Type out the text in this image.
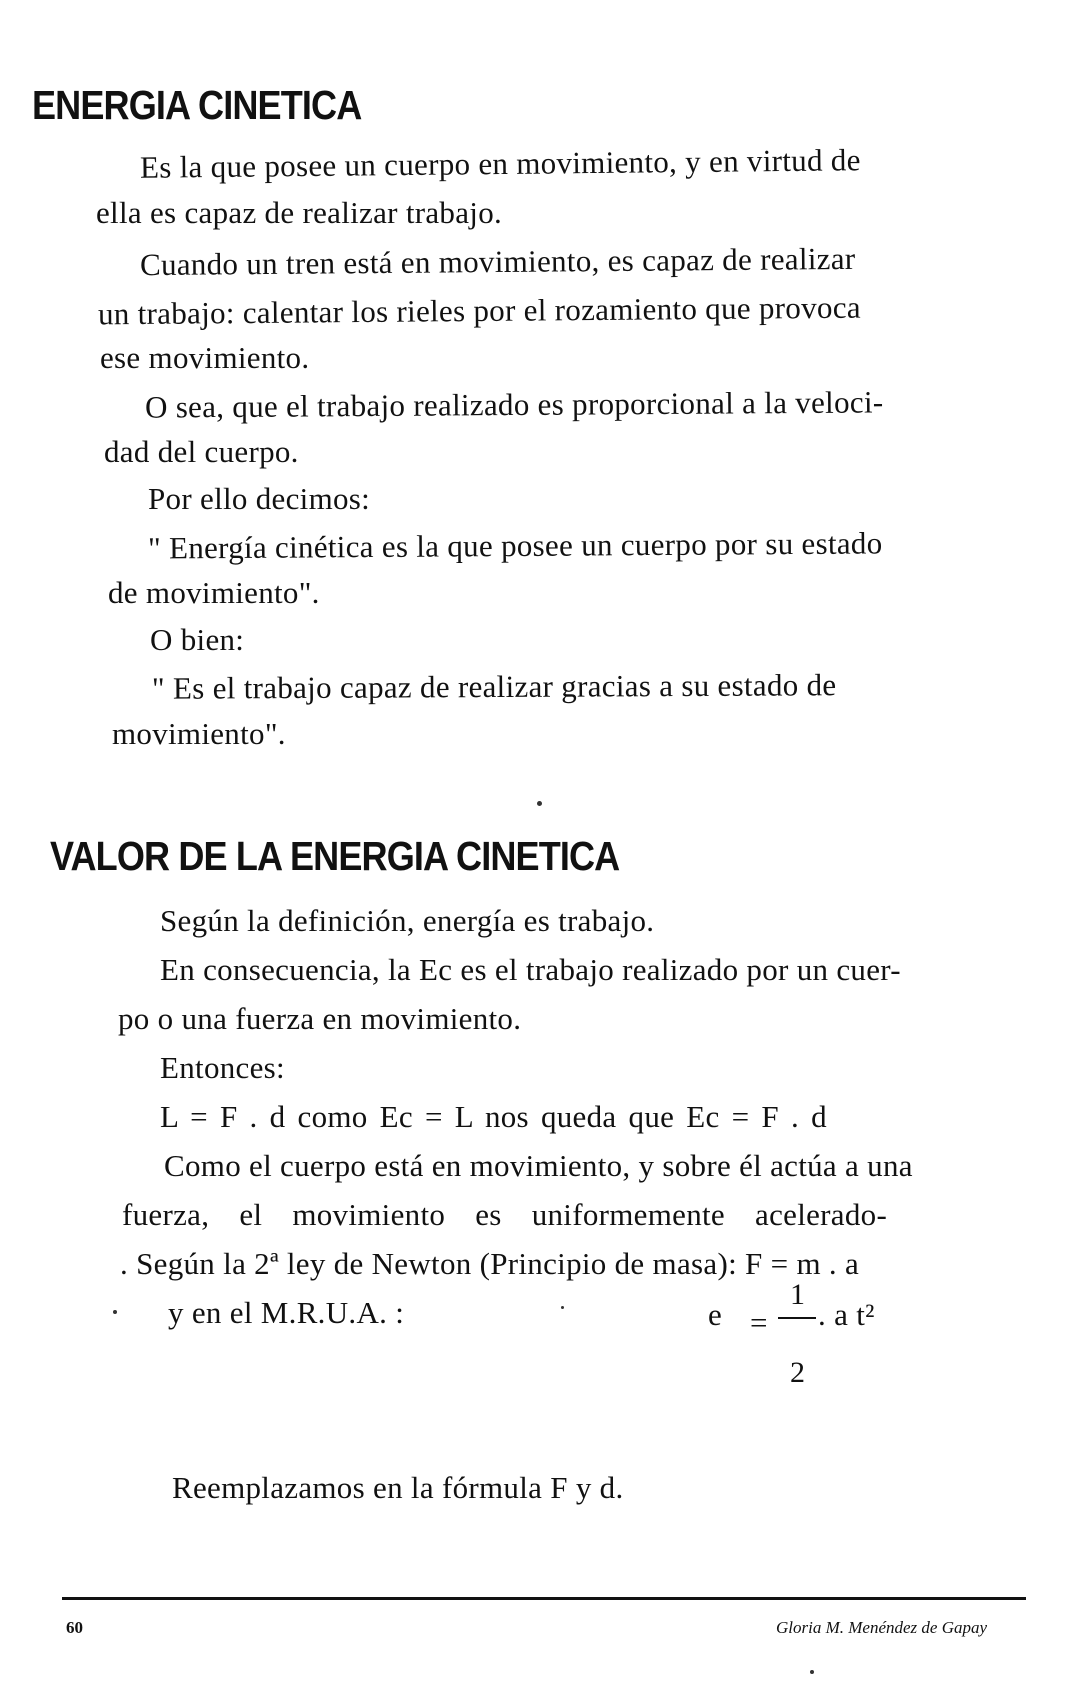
ENERGIA CINETICA
Es la que posee un cuerpo en movimiento, y en virtud de
ella es capaz de realizar trabajo.
Cuando un tren está en movimiento, es capaz de realizar
un trabajo: calentar los rieles por el rozamiento que provoca
ese movimiento.
O sea, que el trabajo realizado es proporcional a la veloci-
dad del cuerpo.
Por ello decimos:
" Energía cinética es la que posee un cuerpo por su estado
de movimiento".
O bien:
" Es el trabajo capaz de realizar gracias a su estado de
movimiento".
VALOR DE LA ENERGIA CINETICA
Según la definición, energía es trabajo.
En consecuencia, la Ec es el trabajo realizado por un cuer-
po o una fuerza en movimiento.
Entonces:
L = F . d como Ec = L nos queda que Ec = F . d
Como el cuerpo está en movimiento, y sobre él actúa a una
fuerza, el movimiento es uniformemente acelerado-
. Según la 2ª ley de Newton (Principio de masa): F = m . a
y en el M.R.U.A. :	e =
1
2
. a t²
Reemplazamos en la fórmula F y d.
60	Gloria M. Menéndez de Gapay
